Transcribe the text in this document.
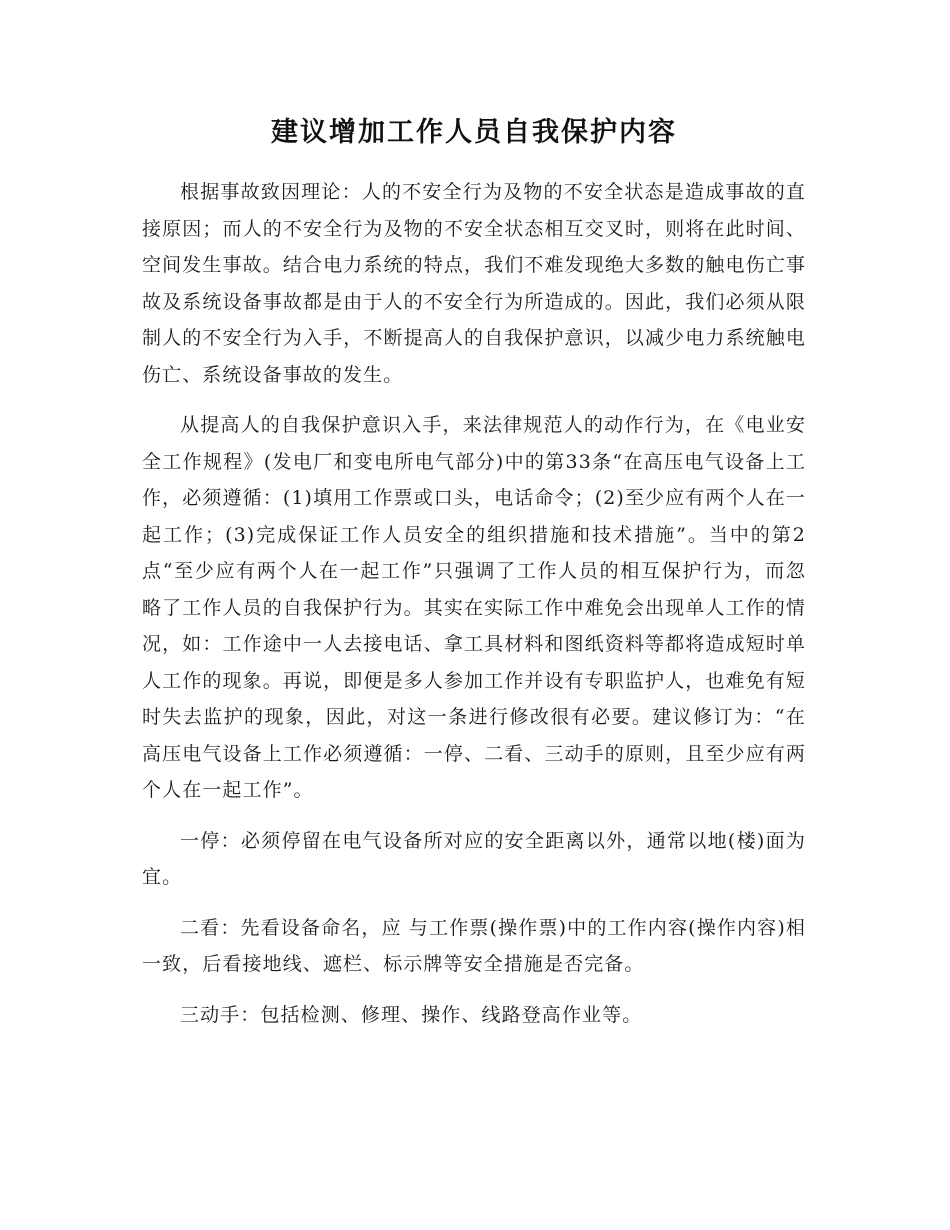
建议增加工作人员自我保护内容

根据事故致因理论：人的不安全行为及物的不安全状态是造成事故的直接原因；而人的不安全行为及物的不安全状态相互交叉时，则将在此时间、空间发生事故。结合电力系统的特点，我们不难发现绝大多数的触电伤亡事故及系统设备事故都是由于人的不安全行为所造成的。因此，我们必须从限制人的不安全行为入手，不断提高人的自我保护意识，以减少电力系统触电伤亡、系统设备事故的发生。

从提高人的自我保护意识入手，来法律规范人的动作行为，在《电业安全工作规程》(发电厂和变电所电气部分)中的第33条“在高压电气设备上工作，必须遵循：(1)填用工作票或口头，电话命令；(2)至少应有两个人在一起工作；(3)完成保证工作人员安全的组织措施和技术措施”。当中的第2点“至少应有两个人在一起工作”只强调了工作人员的相互保护行为，而忽略了工作人员的自我保护行为。其实在实际工作中难免会出现单人工作的情况，如：工作途中一人去接电话、拿工具材料和图纸资料等都将造成短时单人工作的现象。再说，即便是多人参加工作并设有专职监护人，也难免有短时失去监护的现象，因此，对这一条进行修改很有必要。建议修订为：“在高压电气设备上工作必须遵循：一停、二看、三动手的原则，且至少应有两个人在一起工作”。

一停：必须停留在电气设备所对应的安全距离以外，通常以地(楼)面为宜。

二看：先看设备命名，应 与工作票(操作票)中的工作内容(操作内容)相一致，后看接地线、遮栏、标示牌等安全措施是否完备。

三动手：包括检测、修理、操作、线路登高作业等。
